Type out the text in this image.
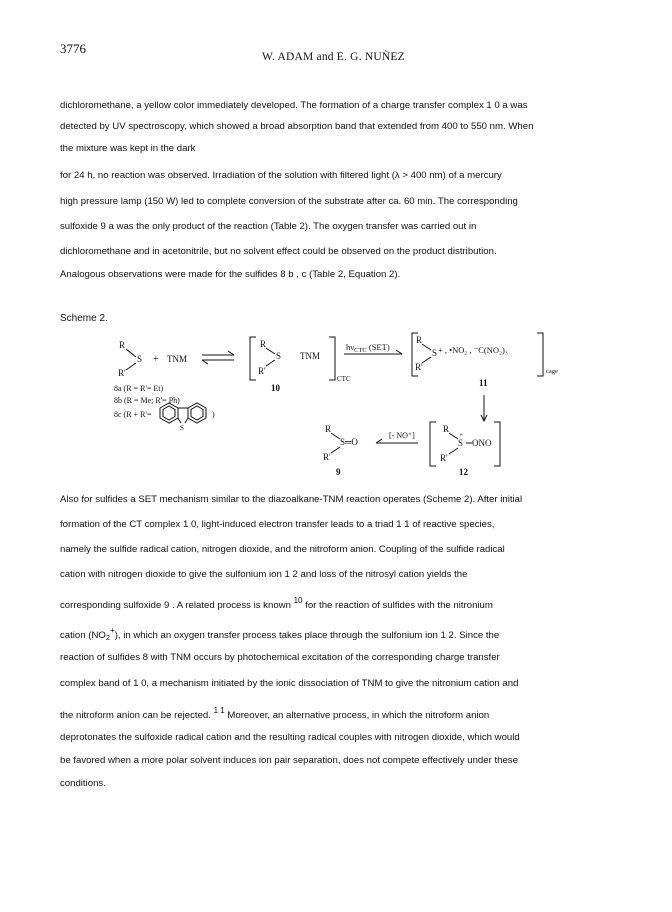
3776
W. ADAM and E. G. NUÑEZ
dichloromethane, a yellow color immediately developed. The formation of a charge transfer complex 1 0 a was
detected by UV spectroscopy, which showed a broad absorption band that extended from 400 to 550 nm. When
the mixture was kept in the dark
for 24 h, no reaction was observed. Irradiation of the solution with filtered light (λ > 400 nm) of a mercury
high pressure lamp (150 W) led to complete conversion of the substrate after ca. 60 min. The corresponding
sulfoxide 9 a was the only product of the reaction (Table 2). The oxygen transfer was carried out in
dichloromethane and in acetonitrile, but no solvent effect could be observed on the product distribution.
Analogous observations were made for the sulfides 8 b , c (Table 2, Equation 2).
Scheme 2.
R
S
R'
+ TNM
R
S
R'
TNM
CTC
10
$h\nu_{CTC}$ (SET)
R
S
R'
+ , •NO₂ , ⁻C(NO₂)₃
cage
11
R
S═O
R'
9
[- NO⁺]
R
+
S ONO
R'
12
8a (R = R'= Et)
8b (R = Me; R'= Ph)
8c (R + R'=
S
)
Also for sulfides a SET mechanism similar to the diazoalkane-TNM reaction operates (Scheme 2). After initial
formation of the CT complex 1 0, light-induced electron transfer leads to a triad 1 1 of reactive species,
namely the sulfide radical cation, nitrogen dioxide, and the nitroform anion. Coupling of the sulfide radical
cation with nitrogen dioxide to give the sulfonium ion 1 2 and loss of the nitrosyl cation yields the
corresponding sulfoxide 9 . A related process is known $^{10}$ for the reaction of sulfides with the nitronium
cation $(NO_2^+)$, in which an oxygen transfer process takes place through the sulfonium ion 1 2. Since the
reaction of sulfides 8 with TNM occurs by photochemical excitation of the corresponding charge transfer
complex band of 1 0, a mechanism initiated by the ionic dissociation of TNM to give the nitronium cation and
the nitroform anion can be rejected. $^{1 1}$ Moreover, an alternative process, in which the nitroform anion
deprotonates the sulfoxide radical cation and the resulting radical couples with nitrogen dioxide, which would
be favored when a more polar solvent induces ion pair separation, does not compete effectively under these
conditions.
